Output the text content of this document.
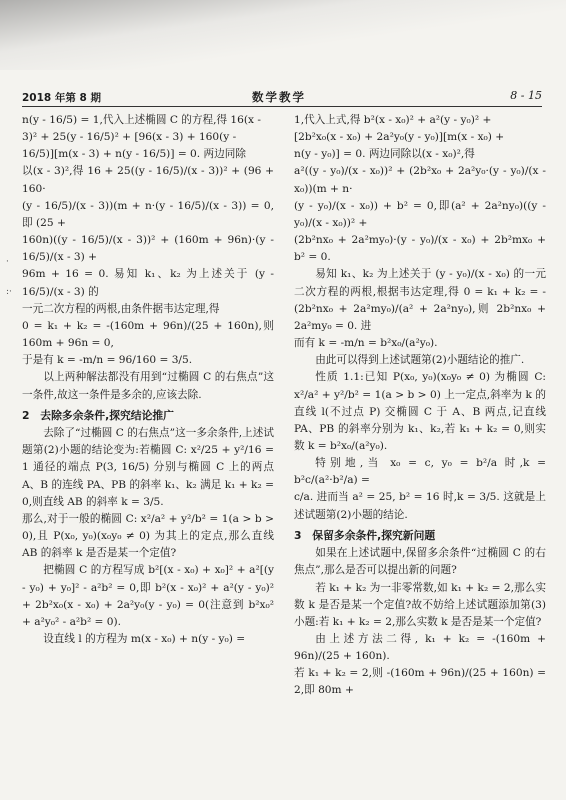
2018 年第 8 期	数学教学	8 - 15
·

:·

n(y - 16/5) = 1,代入上述椭圆 C 的方程,得 16(x -

3)² + 25(y - 16/5)² + [96(x - 3) + 160(y -

16/5)][m(x - 3) + n(y - 16/5)] = 0. 两边同除

以(x - 3)²,得 16 + 25((y - 16/5)/(x - 3))² + (96 + 160·

(y - 16/5)/(x - 3))(m + n·(y - 16/5)/(x - 3)) = 0, 即 (25 +

160n)((y - 16/5)/(x - 3))² + (160m + 96n)·(y - 16/5)/(x - 3) +

96m + 16 = 0. 易知 k₁、k₂ 为上述关于 (y - 16/5)/(x - 3) 的

一元二次方程的两根,由条件据韦达定理,得

0 = k₁ + k₂ = -(160m + 96n)/(25 + 160n),则 160m + 96n = 0,

于是有 k = -m/n = 96/160 = 3/5.

以上两种解法都没有用到“过椭圆 C 的右焦点”这一条件,故这一条件是多余的,应该去除.

2　去除多余条件,探究结论推广

去除了“过椭圆 C 的右焦点”这一多余条件,上述试题第(2)小题的结论变为:若椭圆 C: x²/25 + y²/16 = 1 通径的端点 P(3, 16/5) 分别与椭圆 C 上的两点 A、B 的连线 PA、PB 的斜率 k₁、k₂ 满足 k₁ + k₂ = 0,则直线 AB 的斜率 k = 3/5.

那么,对于一般的椭圆 C: x²/a² + y²/b² = 1(a > b > 0),且 P(x₀, y₀)(x₀y₀ ≠ 0) 为其上的定点,那么直线 AB 的斜率 k 是否是某一个定值?

把椭圆 C 的方程写成 b²[(x - x₀) + x₀]² + a²[(y - y₀) + y₀]² - a²b² = 0,即 b²(x - x₀)² + a²(y - y₀)² + 2b²x₀(x - x₀) + 2a²y₀(y - y₀) = 0(注意到 b²x₀² + a²y₀² - a²b² = 0).

设直线 l 的方程为 m(x - x₀) + n(y - y₀) =

1,代入上式,得 b²(x - x₀)² + a²(y - y₀)² +

[2b²x₀(x - x₀) + 2a²y₀(y - y₀)][m(x - x₀) +

n(y - y₀)] = 0. 两边同除以(x - x₀)²,得

a²((y - y₀)/(x - x₀))² + (2b²x₀ + 2a²y₀·(y - y₀)/(x - x₀))(m + n·

(y - y₀)/(x - x₀)) + b² = 0,即(a² + 2a²ny₀)((y - y₀)/(x - x₀))² +

(2b²nx₀ + 2a²my₀)·(y - y₀)/(x - x₀) + 2b²mx₀ + b² = 0.

易知 k₁、k₂ 为上述关于 (y - y₀)/(x - x₀) 的一元二次方程的两根,根据韦达定理,得 0 = k₁ + k₂ = -(2b²nx₀ + 2a²my₀)/(a² + 2a²ny₀),则 2b²nx₀ + 2a²my₀ = 0. 进

而有 k = -m/n = b²x₀/(a²y₀).

由此可以得到上述试题第(2)小题结论的推广.

性质 1.1:已知 P(x₀, y₀)(x₀y₀ ≠ 0) 为椭圆 C: x²/a² + y²/b² = 1(a > b > 0) 上一定点,斜率为 k 的直线 l(不过点 P) 交椭圆 C 于 A、B 两点,记直线 PA、PB 的斜率分别为 k₁、k₂,若 k₁ + k₂ = 0,则实数 k = b²x₀/(a²y₀).

特别地,当 x₀ = c, y₀ = b²/a 时,k = b²c/(a²·b²/a) =

c/a. 进而当 a² = 25, b² = 16 时,k = 3/5. 这就是上述试题第(2)小题的结论.

3　保留多余条件,探究新问题

如果在上述试题中,保留多余条件“过椭圆 C 的右焦点”,那么是否可以提出新的问题?

若 k₁ + k₂ 为一非零常数,如 k₁ + k₂ = 2,那么实数 k 是否是某一个定值?故不妨给上述试题添加第(3)小题:若 k₁ + k₂ = 2,那么实数 k 是否是某一个定值?

由上述方法二得, k₁ + k₂ = -(160m + 96n)/(25 + 160n).

若 k₁ + k₂ = 2,则 -(160m + 96n)/(25 + 160n) = 2,即 80m +
